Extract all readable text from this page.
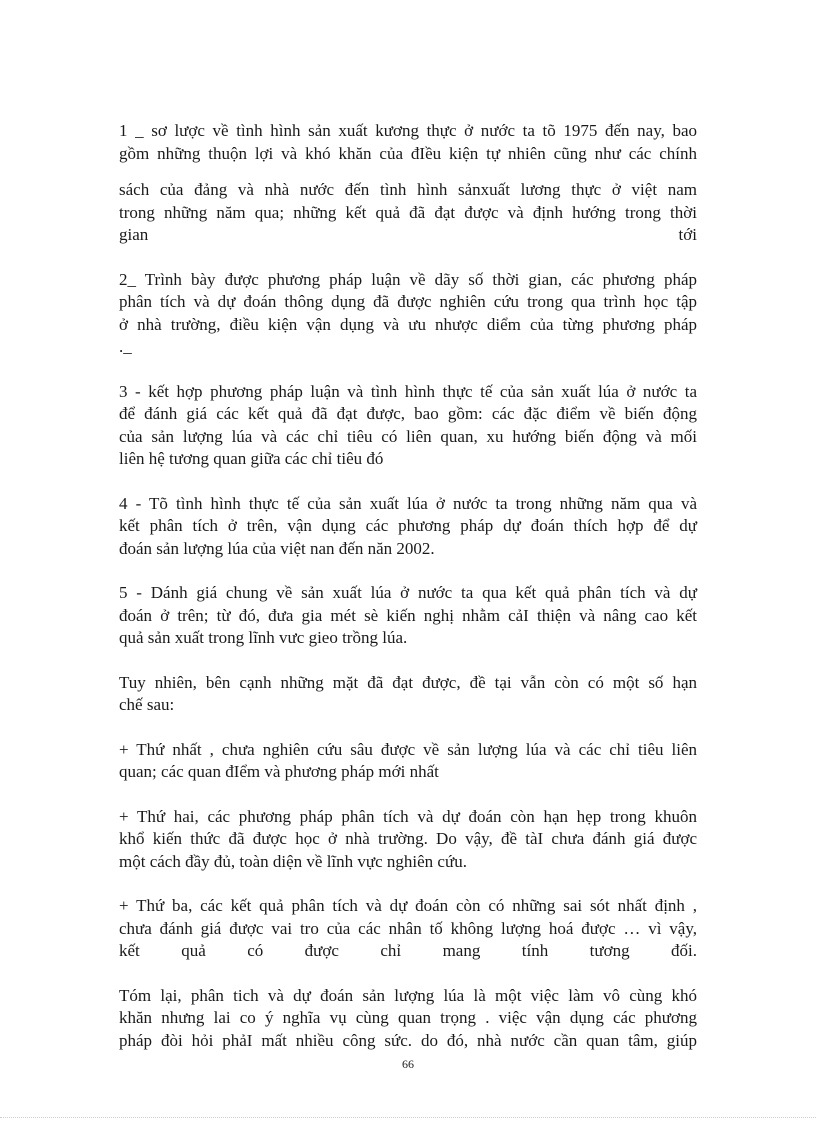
1 _ sơ lược về tình hình sản xuất kương thực ở nước ta tõ 1975 đến nay, bao
gồm những thuộn lợi và khó khăn của đIều kiện tự nhiên cũng như các chính
sách của đảng và nhà nước đến tình hình sảnxuất lương thực ở việt nam
trong những năm qua; những kết quả đã đạt được và định hướng trong thời
gian tới
2_ Trình bày được phương pháp luận về dãy số thời gian, các phương pháp
phân tích và dự đoán thông dụng đã được nghiên cứu trong qua trình học tập
ở nhà trường, điều kiện vận dụng và ưu nhược diểm của từng phương pháp
._
3 - kết hợp phương pháp luận và tình hình thực tế của sản xuất lúa ở nước ta
để đánh giá các kết quả đã đạt được, bao gồm: các đặc điểm về biến động
của sản lượng lúa và các chỉ tiêu có liên quan, xu hướng biến động và mối
liên hệ tương quan giữa các chỉ tiêu đó
4 - Tõ tình hình thực tế của sản xuất lúa ở nước ta trong những năm qua và
kết phân tích ở trên, vận dụng các phương pháp dự đoán thích hợp để dự
đoán sản lượng lúa của việt nan đến năn 2002.
5 - Dánh giá chung về sản xuất lúa ở nước ta qua kết quả phân tích và dự
đoán ở trên; từ đó, đưa gia mét sè kiến nghị nhằm cảI thiện và nâng cao kết
quả sản xuất trong lĩnh vưc gieo trồng lúa.
Tuy nhiên, bên cạnh những mặt đã đạt được, đề tại vẫn còn có một số hạn
chế sau:
+ Thứ nhất , chưa nghiên cứu sâu được về sản lượng lúa và các chỉ tiêu liên
quan; các quan đIểm và phương pháp mới nhất
+ Thứ hai, các phương pháp phân tích và dự đoán còn hạn hẹp trong khuôn
khổ kiến thức đã được học ở nhà trường. Do vậy, đề tàI chưa đánh giá được
một cách đầy đủ, toàn diện về lĩnh vực nghiên cứu.
+ Thứ ba, các kết quả phân tích và dự đoán còn có những sai sót nhất định ,
chưa đánh giá được vai tro của các nhân tố không lượng hoá được … vì vậy,
kết quả có được chỉ mang tính tương đối.
Tóm lại, phân tich và dự đoán sản lượng lúa là một việc làm vô cùng khó
khăn nhưng lai co ý nghĩa vụ cùng quan trọng . việc vận dụng các phương
pháp đòi hỏi phảI mất nhiều công sức. do đó, nhà nước cần quan tâm, giúp
66
